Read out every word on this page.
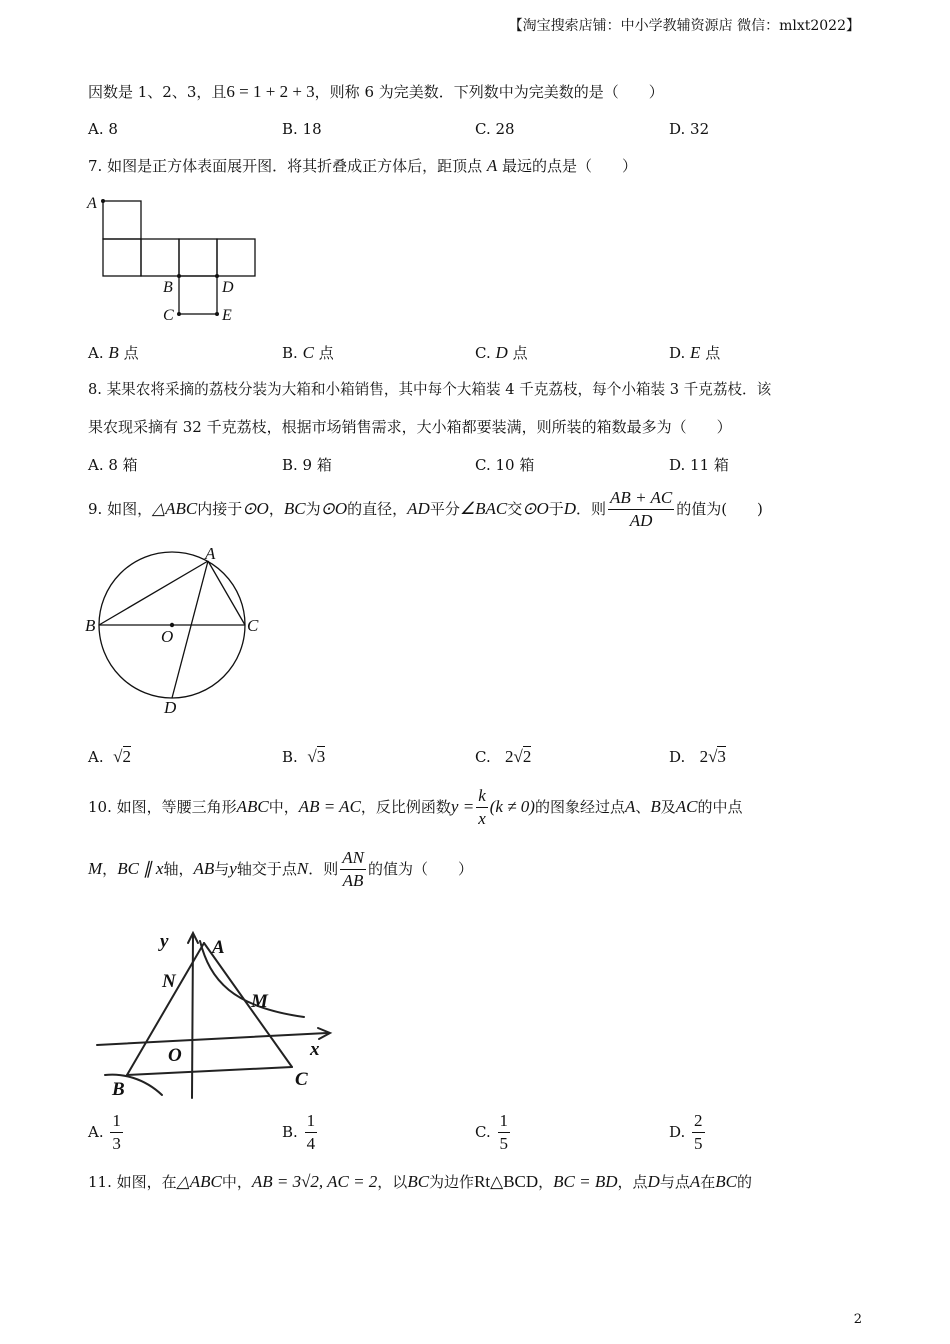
【淘宝搜索店铺：中小学教辅资源店 微信：mlxt2022】
因数是 1、2、3，且6 = 1 + 2 + 3，则称 6 为完美数．下列数中为完美数的是（　　）
A. 8	B. 18	C. 28	D. 32
7. 如图是正方体表面展开图．将其折叠成正方体后，距顶点 A 最远的点是（　　）
A
B	D
C	E
A. B 点	B. C 点	C. D 点	D. E 点
8. 某果农将采摘的荔枝分装为大箱和小箱销售，其中每个大箱装 4 千克荔枝，每个小箱装 3 千克荔枝．该
果农现采摘有 32 千克荔枝，根据市场销售需求，大小箱都要装满，则所装的箱数最多为（　　）
A. 8 箱	B. 9 箱	C. 10 箱	D. 11 箱
9. 如图， △ABC 内接于 ⊙O ， BC 为 ⊙O 的直径， AD 平分 ∠BAC 交 ⊙O 于 D ．则 $\frac{AB + AC}{AD}$ 的值为(　　)
A
B	C
O
D
A.
√ 2	B.
√ 3	C.
2 √ 2	D.
2 √ 3
10. 如图，等腰三角形 ABC 中， AB = AC ，反比例函数 $y = \frac{k}{x} (k \ne 0)$ 的图象经过点 A 、 B 及 AC 的中点
M ， BC ∥ x 轴， AB 与 y 轴交于点 N ．则 $\frac{AN}{AB}$ 的值为（　　）
y
x
A
N
M
O
B	C
A.
$\frac{1}{3}$	B.
$\frac{1}{4}$	C.
$\frac{1}{5}$	D.
$\frac{2}{5}$
11. 如图，在 △ABC 中， AB = 3√2, AC = 2 ，以 BC 为边作 Rt△BCD ， BC = BD ，点 D 与点 A 在 BC 的
2
